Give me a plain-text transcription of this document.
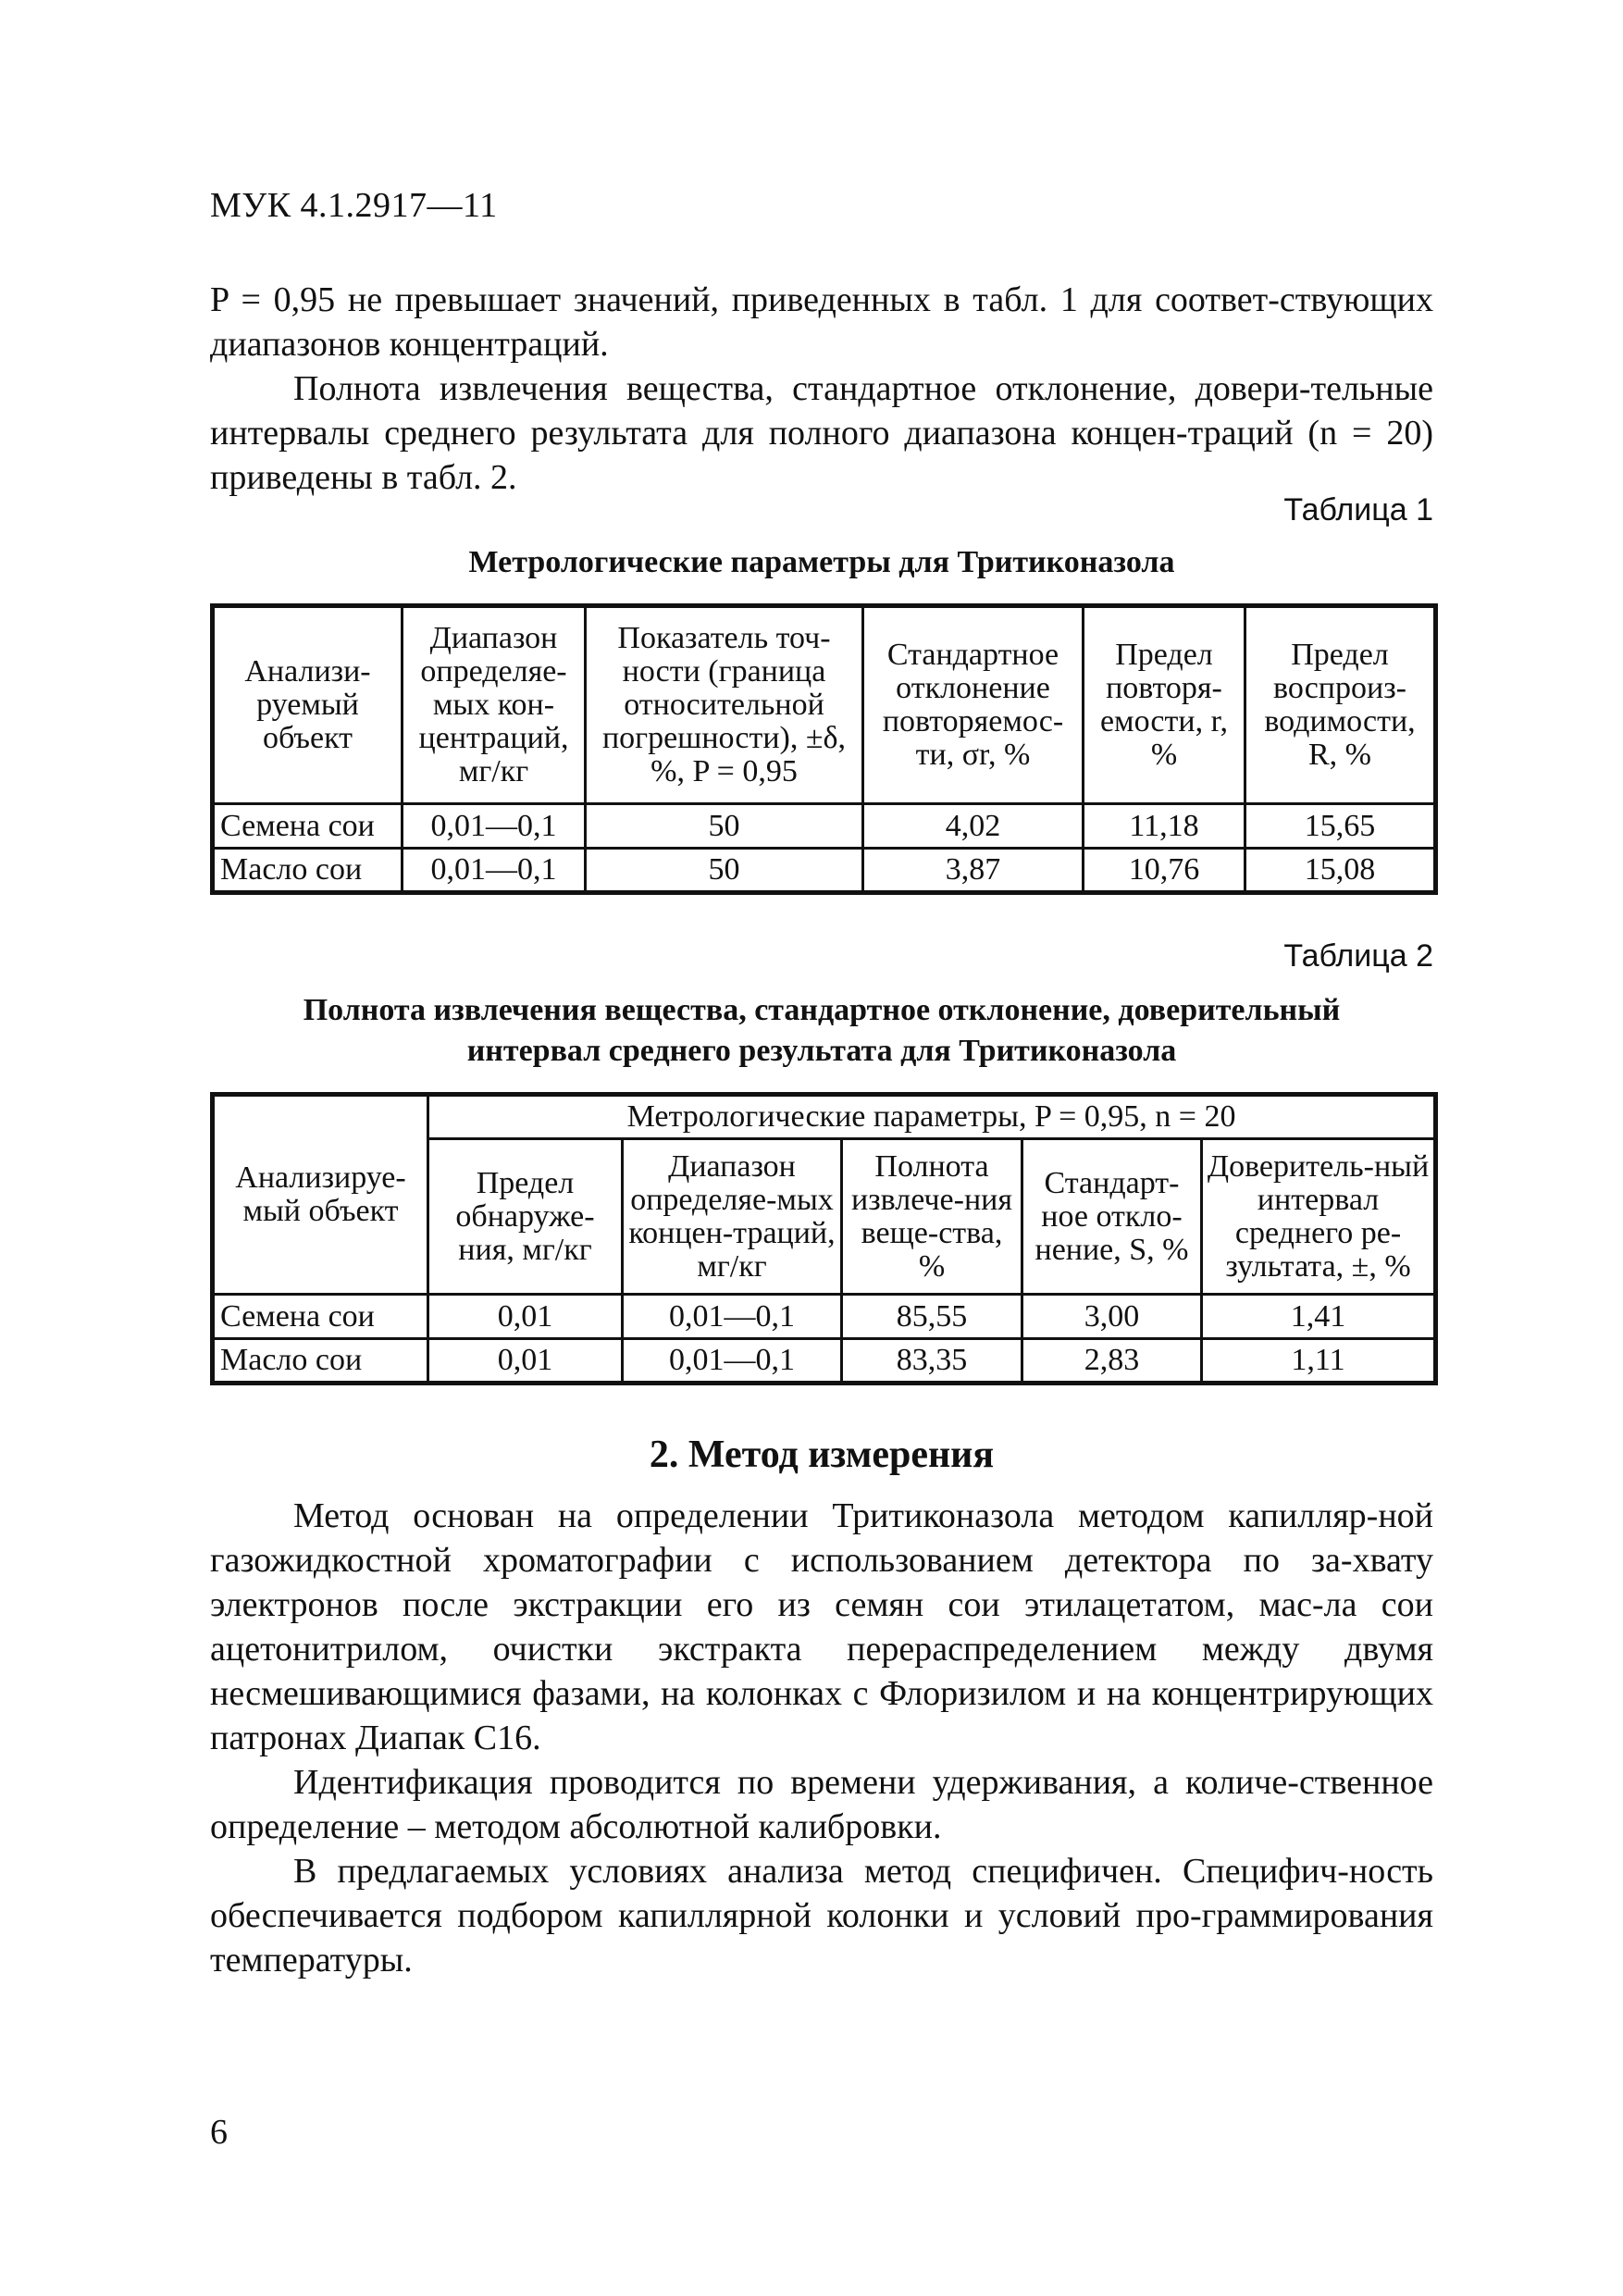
МУК 4.1.2917—11

P = 0,95 не превышает значений, приведенных в табл. 1 для соответ-ствующих диапазонов концентраций.

Полнота извлечения вещества, стандартное отклонение, довери-тельные интервалы среднего результата для полного диапазона концен-траций (n = 20) приведены в табл. 2.

Таблица 1
Метрологические параметры для Тритиконазола
Анализи-руемый объект	Диапазон определяе-мых кон-центраций, мг/кг	Показатель точ-ности (граница относительной погрешности), ±δ, %, P = 0,95	Стандартное отклонение повторяемос-ти, σr, %	Предел повторя-емости, r, %	Предел воспроиз-водимости, R, %
Семена сои	0,01—0,1	50	4,02	11,18	15,65
Масло сои	0,01—0,1	50	3,87	10,76	15,08
Таблица 2
Полнота извлечения вещества, стандартное отклонение, доверительный
интервал среднего результата для Тритиконазола
Анализируе-мый объект	Метрологические параметры, P = 0,95, n = 20				
	Предел обнаруже-ния, мг/кг	Диапазон определяе-мых концен-траций, мг/кг	Полнота извлече-ния веще-ства, %	Стандарт-ное откло-нение, S, %	Доверитель-ный интервал среднего ре-зультата, ±, %
Семена сои	0,01	0,01—0,1	85,55	3,00	1,41
Масло сои	0,01	0,01—0,1	83,35	2,83	1,11
2. Метод измерения

Метод основан на определении Тритиконазола методом капилляр-ной газожидкостной хроматографии с использованием детектора по за-хвату электронов после экстракции его из семян сои этилацетатом, мас-ла сои ацетонитрилом, очистки экстракта перераспределением между двумя несмешивающимися фазами, на колонках с Флоризилом и на концентрирующих патронах Диапак С16.

Идентификация проводится по времени удерживания, а количе-ственное определение – методом абсолютной калибровки.

В предлагаемых условиях анализа метод специфичен. Специфич-ность обеспечивается подбором капиллярной колонки и условий про-граммирования температуры.

6
